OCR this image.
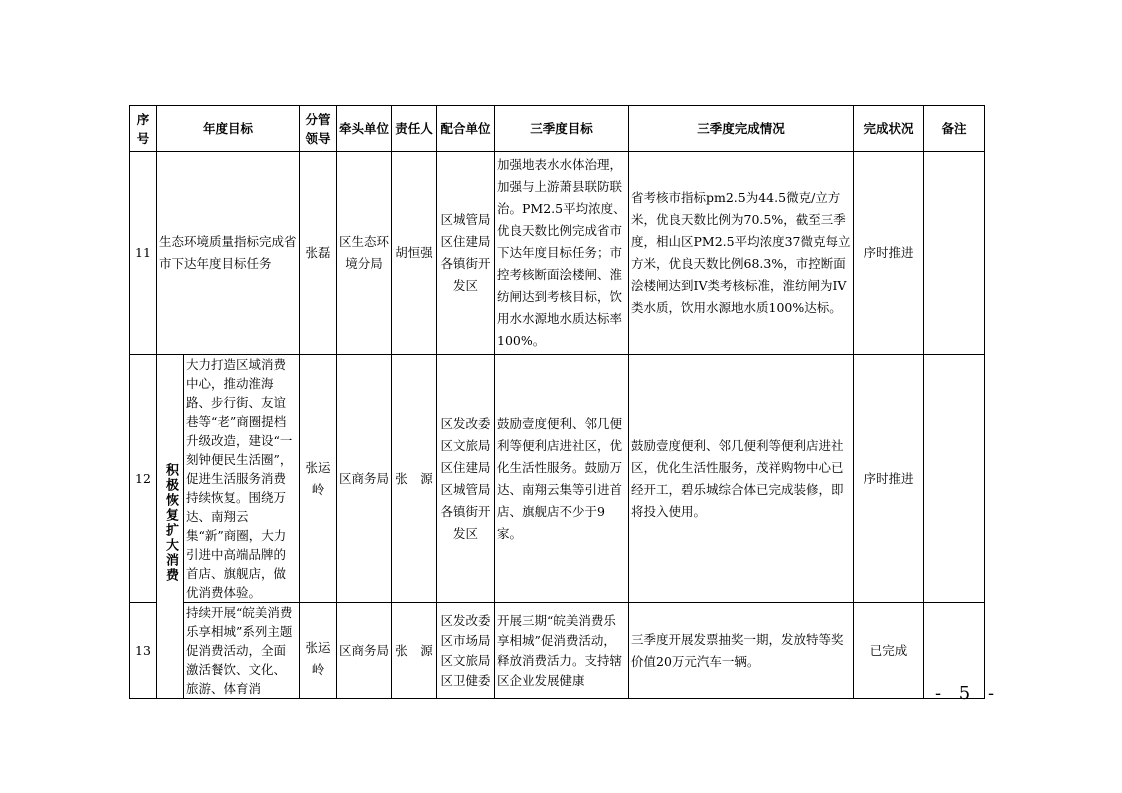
序号	年度目标		分管领导	牵头单位	责任人	配合单位	三季度目标	三季度完成情况	完成状况	备注
11	生态环境质量指标完成省市下达年度目标任务		张磊	区生态环境分局	胡恒强	区城管局区住建局各镇街开发区	加强地表水水体治理，加强与上游萧县联防联治。PM2.5平均浓度、优良天数比例完成省市下达年度目标任务；市控考核断面浍楼闸、淮纺闸达到考核目标，饮用水水源地水质达标率100%。	省考核市指标pm2.5为44.5微克/立方米，优良天数比例为70.5%，截至三季度，相山区PM2.5平均浓度37微克每立方米，优良天数比例68.3%，市控断面浍楼闸达到IV类考核标准，淮纺闸为IV类水质，饮用水源地水质100%达标。	序时推进	
12	积极恢复扩大消费	大力打造区域消费中心，推动淮海路、步行街、友谊巷等“老”商圈提档升级改造，建设“一刻钟便民生活圈”，促进生活服务消费持续恢复。围绕万达、南翔云集“新”商圈，大力引进中高端品牌的首店、旗舰店，做优消费体验。	张运岭	区商务局	张　源	区发改委区文旅局区住建局区城管局各镇街开发区	鼓励壹度便利、邻几便利等便利店进社区，优化生活性服务。鼓励万达、南翔云集等引进首店、旗舰店不少于9家。	鼓励壹度便利、邻几便利等便利店进社区，优化生活性服务，茂祥购物中心已经开工，碧乐城综合体已完成装修，即将投入使用。	序时推进	
13		持续开展“皖美消费 乐享相城”系列主题促消费活动，全面激活餐饮、文化、旅游、体育消	张运岭	区商务局	张　源	区发改委区市场局区文旅局区卫健委	开展三期“皖美消费乐享相城”促消费活动，释放消费活力。支持辖区企业发展健康	三季度开展发票抽奖一期，发放特等奖价值20万元汽车一辆。	已完成	
- 5 -
